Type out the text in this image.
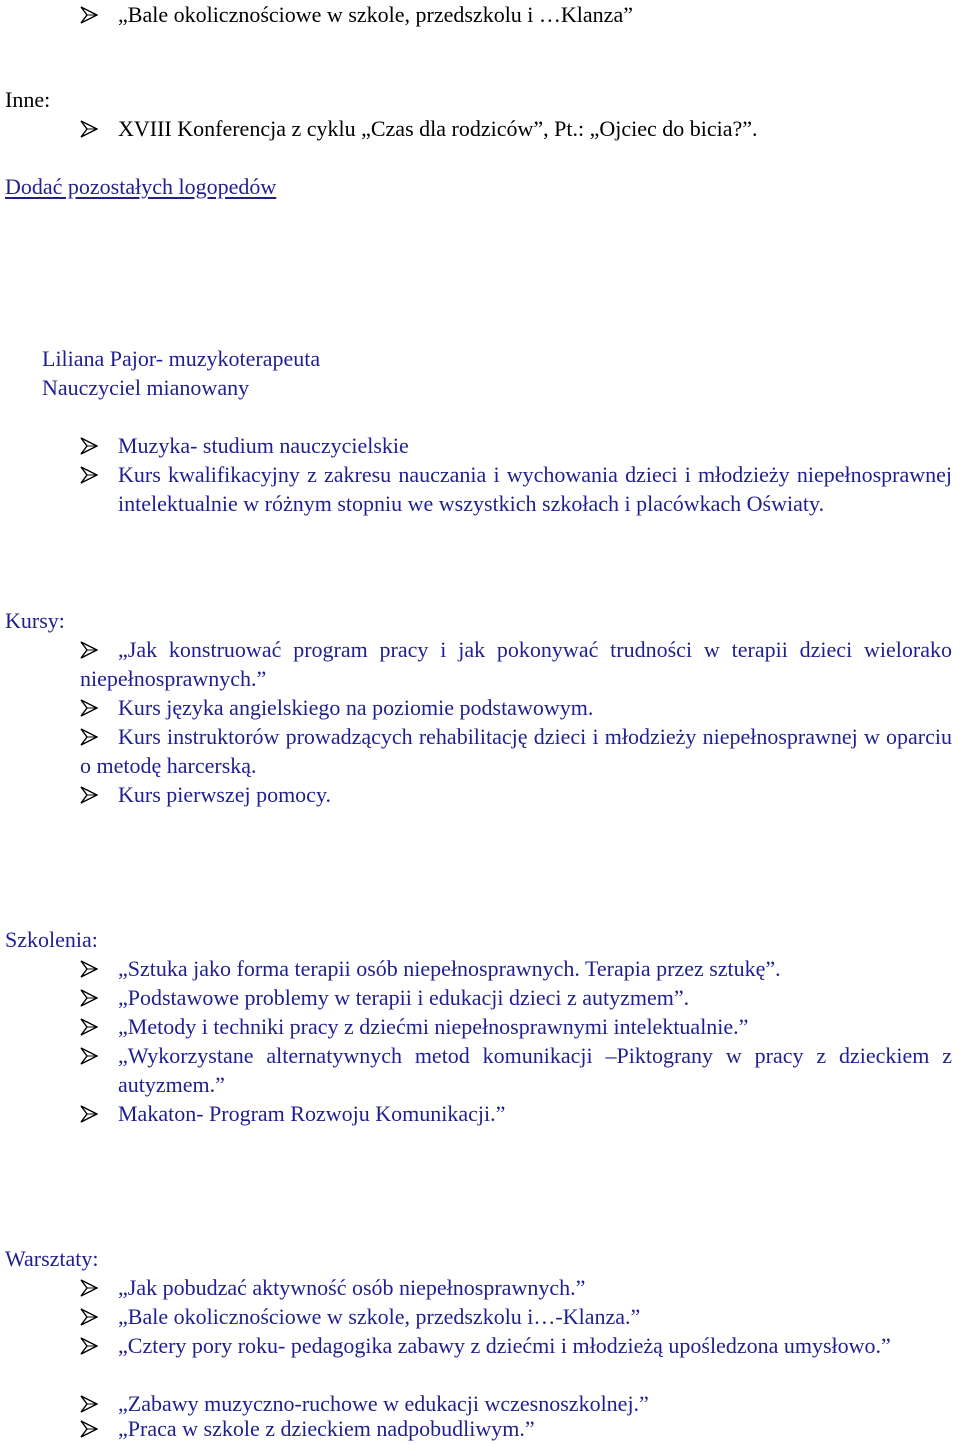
„Bale okolicznościowe w szkole, przedszkolu i …Klanza”
Inne:
XVIII Konferencja z cyklu „Czas dla rodziców”, Pt.: „Ojciec do bicia?”.
Dodać pozostałych logopedów
Liliana Pajor- muzykoterapeuta
Nauczyciel mianowany
Muzyka- studium nauczycielskie
Kurs kwalifikacyjny z zakresu nauczania i wychowania dzieci i młodzieży niepełnosprawnej intelektualnie w różnym stopniu we wszystkich szkołach i placówkach Oświaty.
Kursy:
„Jak konstruować program pracy i jak pokonywać trudności w terapii dzieci wielorako niepełnosprawnych.”
Kurs języka angielskiego na poziomie podstawowym.
Kurs instruktorów prowadzących rehabilitację dzieci i młodzieży niepełnosprawnej w oparciu o metodę harcerską.
Kurs pierwszej pomocy.
Szkolenia:
„Sztuka jako forma terapii osób niepełnosprawnych. Terapia przez sztukę”.
„Podstawowe problemy w terapii i edukacji dzieci z autyzmem”.
„Metody i techniki pracy z dziećmi niepełnosprawnymi intelektualnie.”
„Wykorzystane alternatywnych metod komunikacji –Piktograny w pracy z dzieckiem z autyzmem.”
Makaton- Program Rozwoju Komunikacji.”
Warsztaty:
„Jak pobudzać aktywność osób niepełnosprawnych.”
„Bale okolicznościowe w szkole, przedszkolu i…-Klanza.”
„Cztery pory roku- pedagogika zabawy z dziećmi i młodzieżą upośledzona umysłowo.”
„Zabawy muzyczno-ruchowe w edukacji wczesnoszkolnej.”
„Praca w szkole z dzieckiem nadpobudliwym.”
